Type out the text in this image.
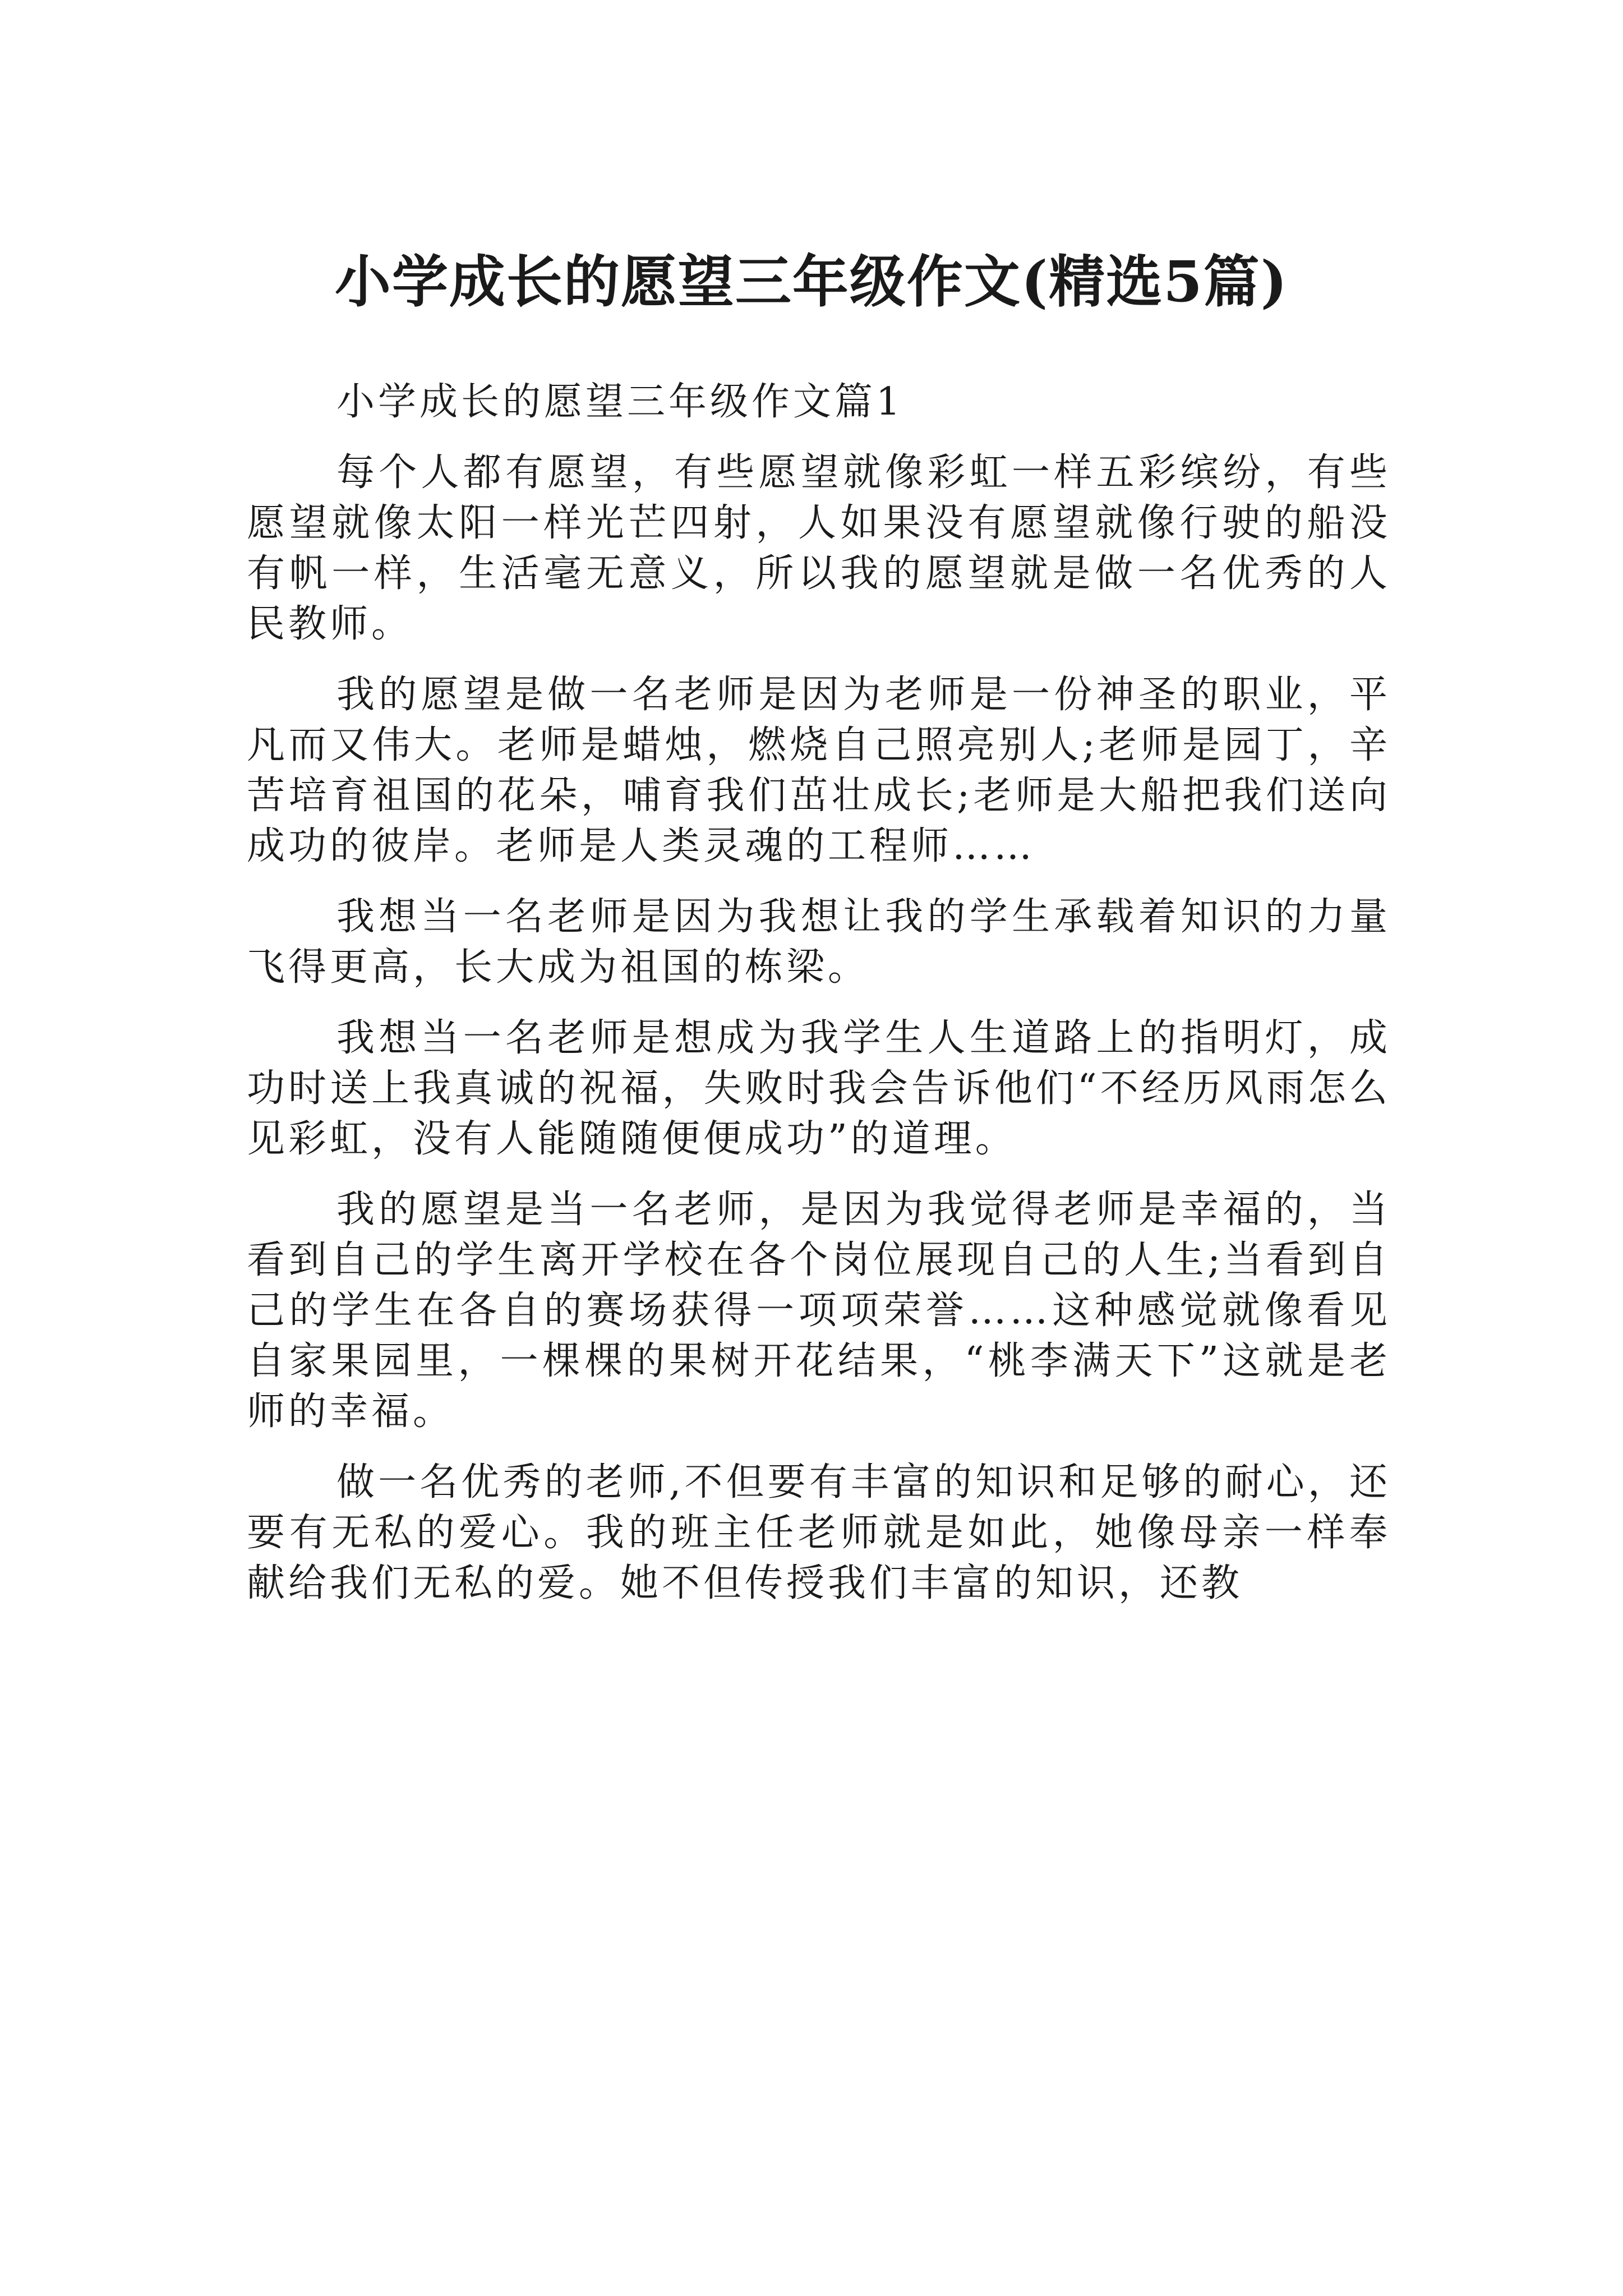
小学成长的愿望三年级作文(精选5篇)
小学成长的愿望三年级作文篇1

每个人都有愿望，有些愿望就像彩虹一样五彩缤纷，有些愿望就像太阳一样光芒四射，人如果没有愿望就像行驶的船没有帆一样，生活毫无意义，所以我的愿望就是做一名优秀的人民教师。

我的愿望是做一名老师是因为老师是一份神圣的职业，平凡而又伟大。老师是蜡烛，燃烧自己照亮别人;老师是园丁，辛苦培育祖国的花朵，哺育我们茁壮成长;老师是大船把我们送向成功的彼岸。老师是人类灵魂的工程师……

我想当一名老师是因为我想让我的学生承载着知识的力量飞得更高，长大成为祖国的栋梁。

我想当一名老师是想成为我学生人生道路上的指明灯，成功时送上我真诚的祝福，失败时我会告诉他们“不经历风雨怎么见彩虹，没有人能随随便便成功”的道理。

我的愿望是当一名老师，是因为我觉得老师是幸福的，当看到自己的学生离开学校在各个岗位展现自己的人生;当看到自己的学生在各自的赛场获得一项项荣誉……这种感觉就像看见自家果园里，一棵棵的果树开花结果，“桃李满天下”这就是老师的幸福。

做一名优秀的老师,不但要有丰富的知识和足够的耐心，还要有无私的爱心。我的班主任老师就是如此，她像母亲一样奉献给我们无私的爱。她不但传授我们丰富的知识，还教
